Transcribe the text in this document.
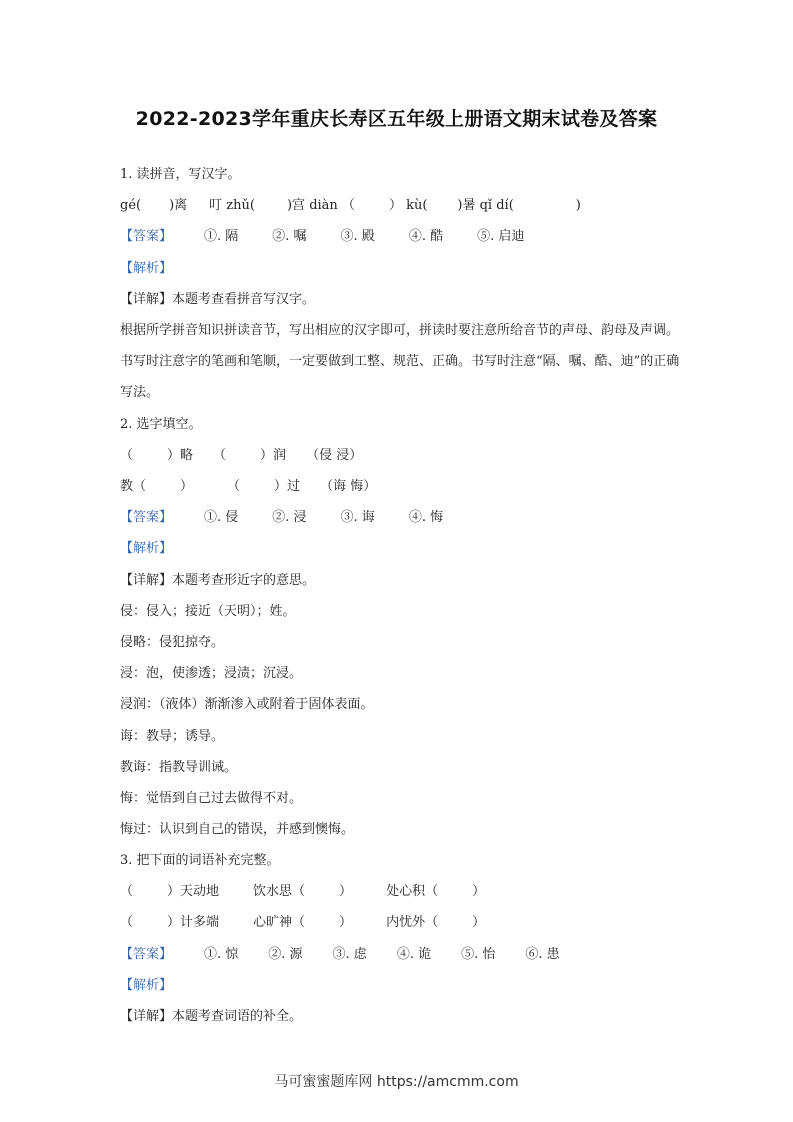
2022-2023学年重庆长寿区五年级上册语文期末试卷及答案
1. 读拼音，写汉字。
gé( )离 叮 zhǔ( )宫 diàn （	） kù( )暑 qǐ dí(	)
【答案】 ①. 隔	②. 嘱	③. 殿	④. 酷	⑤. 启迪
【解析】
【详解】本题考查看拼音写汉字。
根据所学拼音知识拼读音节，写出相应的汉字即可，拼读时要注意所给音节的声母、韵母及声调。书写时注意字的笔画和笔顺，一定要做到工整、规范、正确。书写时注意“隔、嘱、酷、迪”的正确写法。
2. 选字填空。
（	）略 （	）润 （侵 浸）
教（	）	（	）过 （诲 悔）
【答案】 ①. 侵	②. 浸	③. 诲	④. 悔
【解析】
【详解】本题考查形近字的意思。
侵：侵入；接近（天明）；姓。
侵略：侵犯掠夺。
浸：泡，使渗透；浸渍；沉浸。
浸润：（液体）渐渐渗入或附着于固体表面。
诲：教导；诱导。
教诲：指教导训诫。
悔：觉悟到自己过去做得不对。
悔过：认识到自己的错误，并感到懊悔。
3. 把下面的词语补充完整。
（	）天动地	饮水思（	）	处心积（	）
（	）计多端	心旷神（	）	内忧外（	）
【答案】 ①. 惊 ②. 源 ③. 虑 ④. 诡 ⑤. 怡 ⑥. 患
【解析】
【详解】本题考查词语的补全。
马可蜜蜜题库网 https://amcmm.com
